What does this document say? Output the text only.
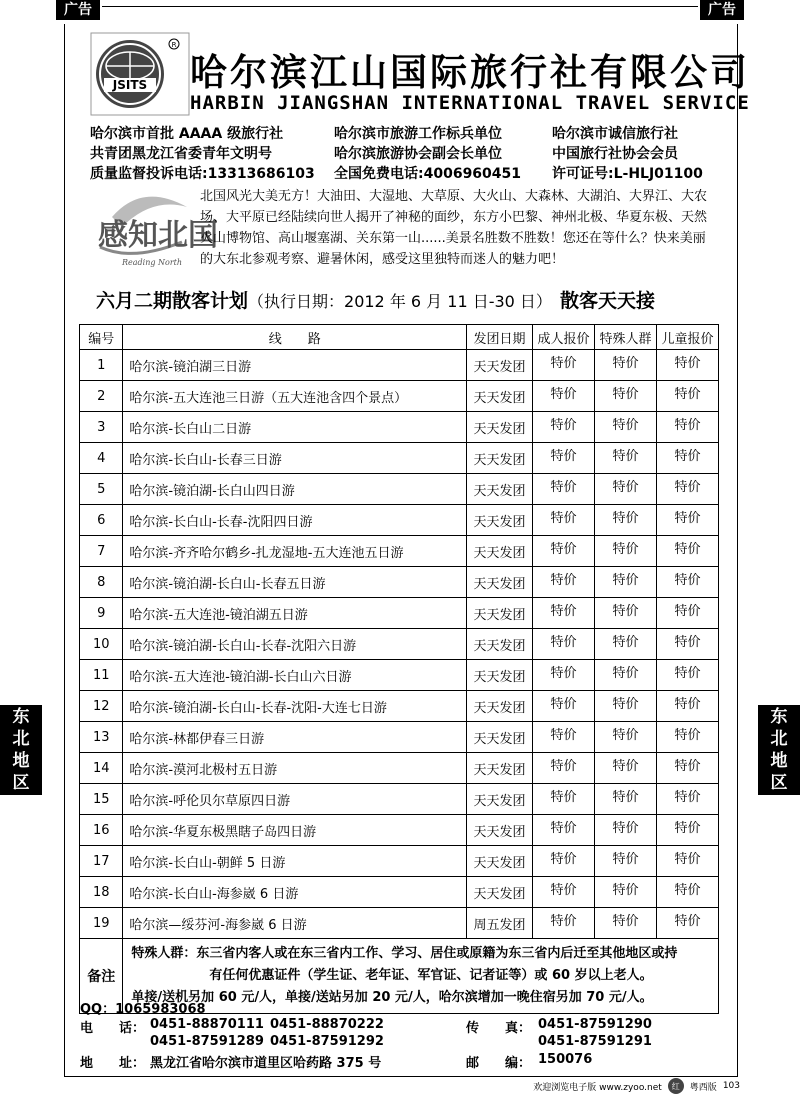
广告	广告
东
北
地
区
东
北
地
区
JSITS
R
哈尔滨江山国际旅行社有限公司
HARBIN JIANGSHAN INTERNATIONAL TRAVEL SERVICE
哈尔滨市首批 AAAA 级旅行社	哈尔滨市旅游工作标兵单位	哈尔滨市诚信旅行社
共青团黑龙江省委青年文明号	哈尔滨旅游协会副会长单位	中国旅行社协会会员
质量监督投诉电话:13313686103 全国免费电话:4006960451 许可证号:L-HLJ01100
感知北国
Reading North
北国风光大美无方！大油田、大湿地、大草原、大火山、大森林、大湖泊、大界江、大农场、大平原已经陆续向世人揭开了神秘的面纱，东方小巴黎、神州北极、华夏东极、天然火山博物馆、高山堰塞湖、关东第一山......美景名胜数不胜数！您还在等什么？快来美丽的大东北参观考察、避暑休闲，感受这里独特而迷人的魅力吧！
六月二期散客计划（执行日期：2012 年 6 月 11 日-30 日） 散客天天接
编号	线　　路	发团日期	成人报价	特殊人群	儿童报价
1	哈尔滨-镜泊湖三日游	天天发团	特价	特价	特价
2	哈尔滨-五大连池三日游（五大连池含四个景点）	天天发团	特价	特价	特价
3	哈尔滨-长白山二日游	天天发团	特价	特价	特价
4	哈尔滨-长白山-长春三日游	天天发团	特价	特价	特价
5	哈尔滨-镜泊湖-长白山四日游	天天发团	特价	特价	特价
6	哈尔滨-长白山-长春-沈阳四日游	天天发团	特价	特价	特价
7	哈尔滨-齐齐哈尔鹤乡-扎龙湿地-五大连池五日游	天天发团	特价	特价	特价
8	哈尔滨-镜泊湖-长白山-长春五日游	天天发团	特价	特价	特价
9	哈尔滨-五大连池-镜泊湖五日游	天天发团	特价	特价	特价
10	哈尔滨-镜泊湖-长白山-长春-沈阳六日游	天天发团	特价	特价	特价
11	哈尔滨-五大连池-镜泊湖-长白山六日游	天天发团	特价	特价	特价
12	哈尔滨-镜泊湖-长白山-长春-沈阳-大连七日游	天天发团	特价	特价	特价
13	哈尔滨-林都伊春三日游	天天发团	特价	特价	特价
14	哈尔滨-漠河北极村五日游	天天发团	特价	特价	特价
15	哈尔滨-呼伦贝尔草原四日游	天天发团	特价	特价	特价
16	哈尔滨-华夏东极黑瞎子岛四日游	天天发团	特价	特价	特价
17	哈尔滨-长白山-朝鲜 5 日游	天天发团	特价	特价	特价
18	哈尔滨-长白山-海参崴 6 日游	天天发团	特价	特价	特价
19	哈尔滨—绥芬河-海参崴 6 日游	周五发团	特价	特价	特价
备注	特殊人群：东三省内客人或在东三省内工作、学习、居住或原籍为东三省内后迁至其他地区或持
有任何优惠证件（学生证、老年证、军官证、记者证等）或 60 岁以上老人。
单接/送机另加 60 元/人，单接/送站另加 20 元/人，哈尔滨增加一晚住宿另加 70 元/人。				
QQ：1065983068
电　　话： 0451-88870111 0451-88870222
0451-87591289 0451-87591292
传　　真： 0451-87591290
0451-87591291
地　　址： 黑龙江省哈尔滨市道里区哈药路 375 号	邮　　编： 150076
欢迎浏览电子版 www.zyoo.net	红	粤西版 103
